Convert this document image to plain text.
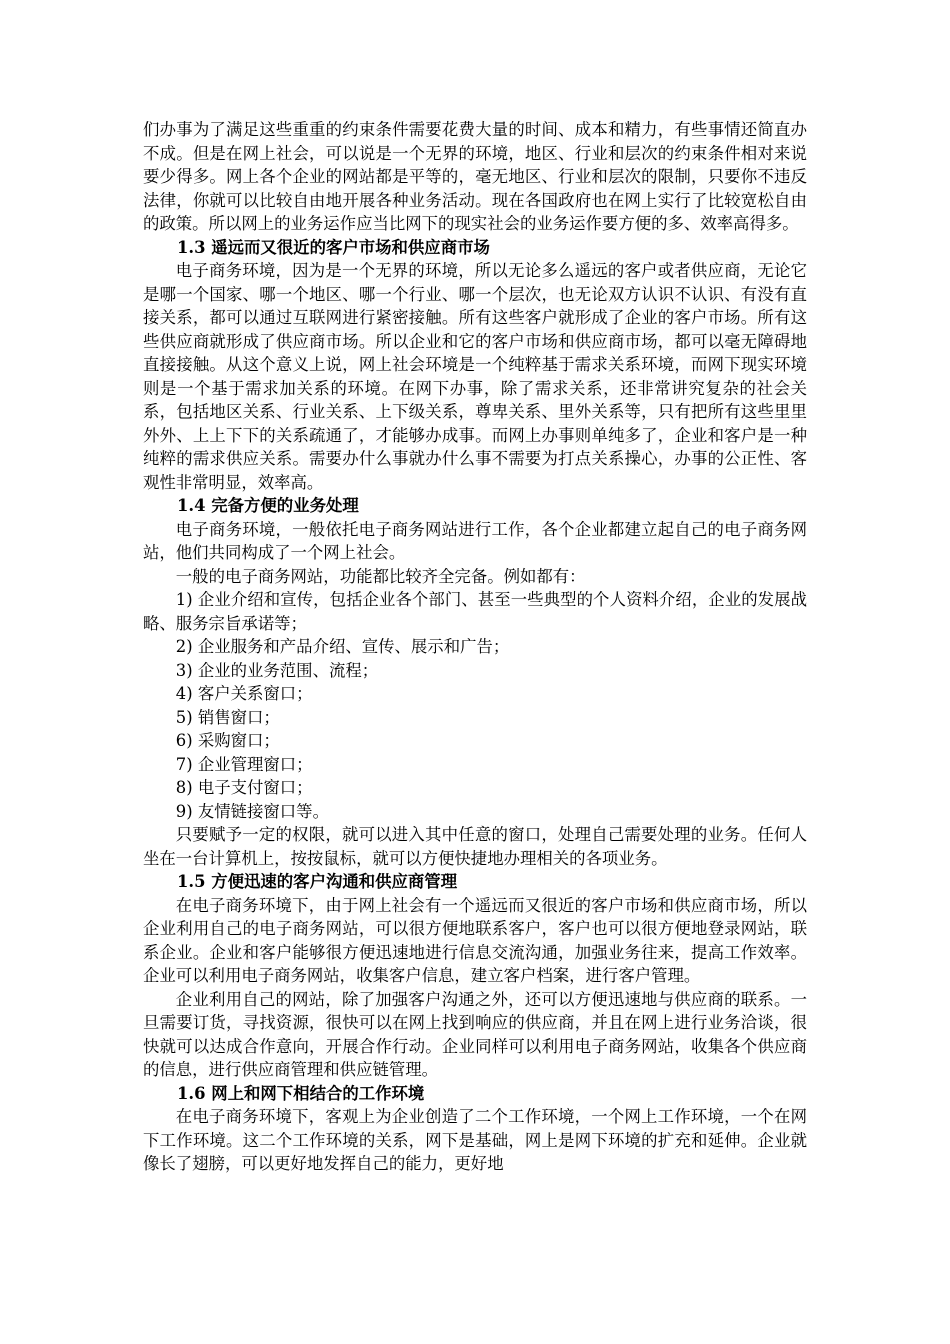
们办事为了满足这些重重的约束条件需要花费大量的时间、成本和精力，有些事情还简直办不成。但是在网上社会，可以说是一个无界的环境，地区、行业和层次的约束条件相对来说要少得多。网上各个企业的网站都是平等的，毫无地区、行业和层次的限制，只要你不违反法律，你就可以比较自由地开展各种业务活动。现在各国政府也在网上实行了比较宽松自由的政策。所以网上的业务运作应当比网下的现实社会的业务运作要方便的多、效率高得多。

1.3 遥远而又很近的客户市场和供应商市场

电子商务环境，因为是一个无界的环境，所以无论多么遥远的客户或者供应商，无论它是哪一个国家、哪一个地区、哪一个行业、哪一个层次，也无论双方认识不认识、有没有直接关系，都可以通过互联网进行紧密接触。所有这些客户就形成了企业的客户市场。所有这些供应商就形成了供应商市场。所以企业和它的客户市场和供应商市场，都可以毫无障碍地直接接触。从这个意义上说，网上社会环境是一个纯粹基于需求关系环境，而网下现实环境则是一个基于需求加关系的环境。在网下办事，除了需求关系，还非常讲究复杂的社会关系，包括地区关系、行业关系、上下级关系，尊卑关系、里外关系等，只有把所有这些里里外外、上上下下的关系疏通了，才能够办成事。而网上办事则单纯多了，企业和客户是一种纯粹的需求供应关系。需要办什么事就办什么事不需要为打点关系操心，办事的公正性、客观性非常明显，效率高。

1.4 完备方便的业务处理

电子商务环境，一般依托电子商务网站进行工作，各个企业都建立起自己的电子商务网站，他们共同构成了一个网上社会。

一般的电子商务网站，功能都比较齐全完备。例如都有：

1) 企业介绍和宣传，包括企业各个部门、甚至一些典型的个人资料介绍，企业的发展战略、服务宗旨承诺等；

2) 企业服务和产品介绍、宣传、展示和广告；

3) 企业的业务范围、流程；

4) 客户关系窗口；

5) 销售窗口；

6) 采购窗口；

7) 企业管理窗口；

8) 电子支付窗口；

9) 友情链接窗口等。

只要赋予一定的权限，就可以进入其中任意的窗口，处理自己需要处理的业务。任何人坐在一台计算机上，按按鼠标，就可以方便快捷地办理相关的各项业务。

1.5 方便迅速的客户沟通和供应商管理

在电子商务环境下，由于网上社会有一个遥远而又很近的客户市场和供应商市场，所以企业利用自己的电子商务网站，可以很方便地联系客户，客户也可以很方便地登录网站，联系企业。企业和客户能够很方便迅速地进行信息交流沟通，加强业务往来，提高工作效率。企业可以利用电子商务网站，收集客户信息，建立客户档案，进行客户管理。

企业利用自己的网站，除了加强客户沟通之外，还可以方便迅速地与供应商的联系。一旦需要订货，寻找资源，很快可以在网上找到响应的供应商，并且在网上进行业务洽谈，很快就可以达成合作意向，开展合作行动。企业同样可以利用电子商务网站，收集各个供应商的信息，进行供应商管理和供应链管理。

1.6 网上和网下相结合的工作环境

在电子商务环境下，客观上为企业创造了二个工作环境，一个网上工作环境，一个在网下工作环境。这二个工作环境的关系，网下是基础，网上是网下环境的扩充和延伸。企业就像长了翅膀，可以更好地发挥自己的能力，更好地
